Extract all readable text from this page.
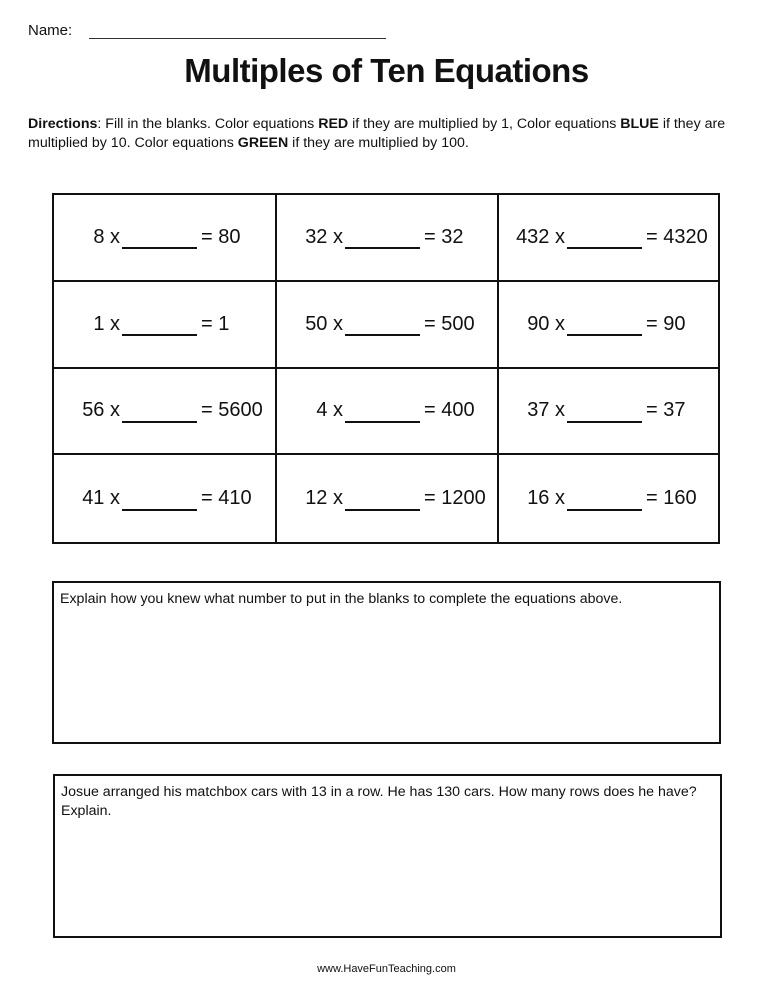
Name:
Multiples of Ten Equations
Directions: Fill in the blanks. Color equations RED if they are multiplied by 1, Color equations BLUE if they are multiplied by 10. Color equations GREEN if they are multiplied by 100.
8 x	= 80	32 x	= 32	432 x	= 4320
1 x	= 1	50 x	= 500	90 x	= 90
56 x	= 5600	4 x	= 400	37 x	= 37
41 x	= 410	12 x	= 1200	16 x	= 160
Explain how you knew what number to put in the blanks to complete the equations above.
Josue arranged his matchbox cars with 13 in a row. He has 130 cars. How many rows does he have? Explain.
www.HaveFunTeaching.com
